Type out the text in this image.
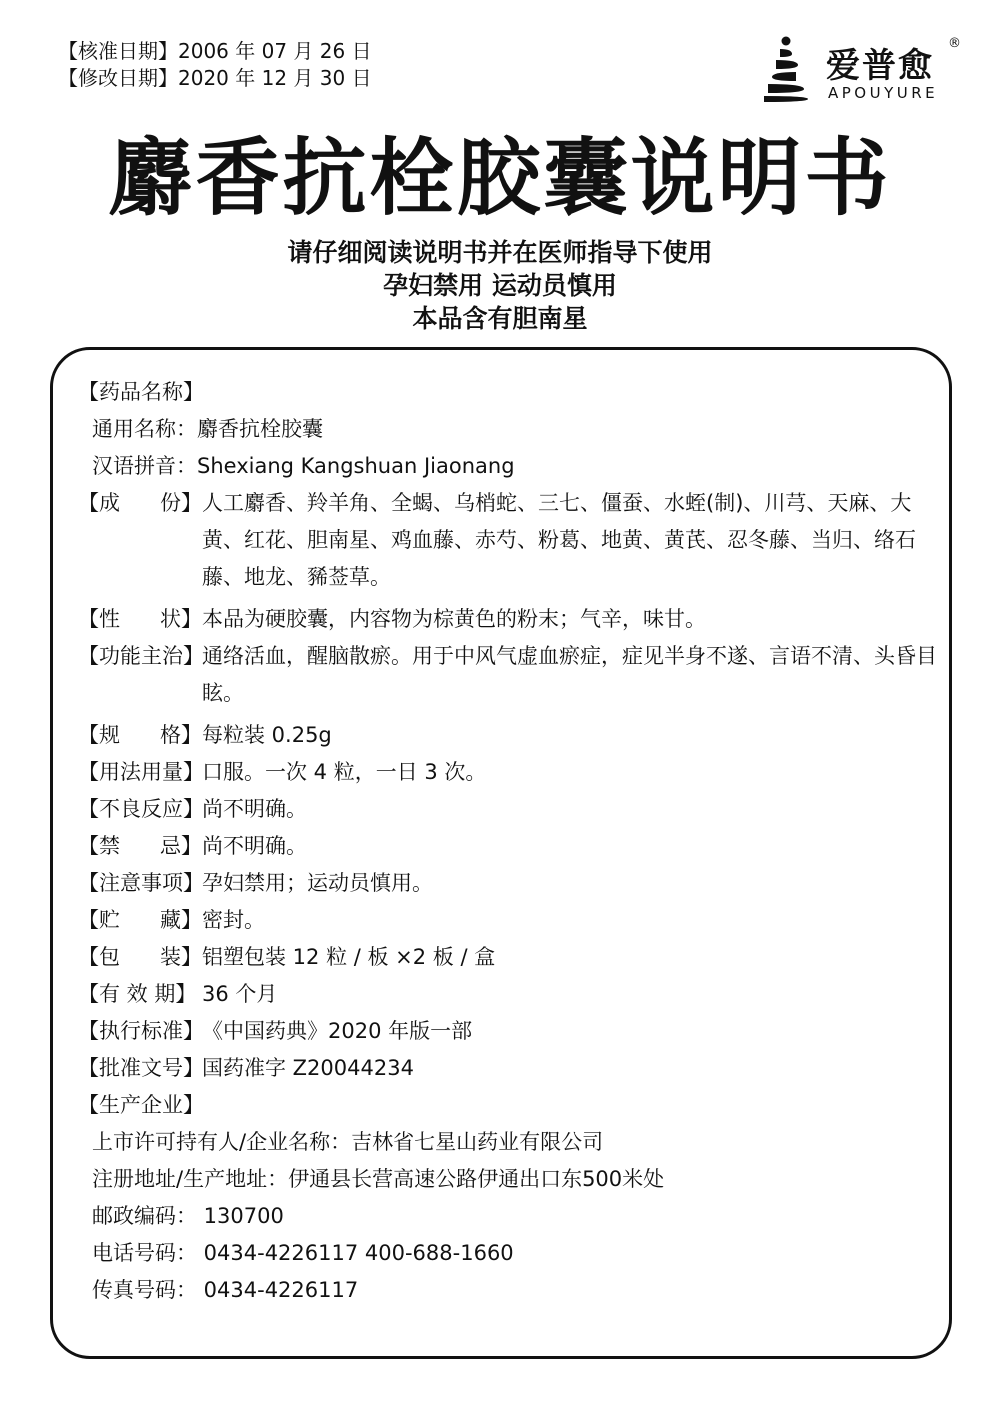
【核准日期】2006 年 07 月 26 日
【修改日期】2020 年 12 月 30 日	爱普愈
®
APOUYURE
麝香抗栓胶囊说明书
请仔细阅读说明书并在医师指导下使用
孕妇禁用 运动员慎用
本品含有胆南星
【药品名称】
通用名称：麝香抗栓胶囊
汉语拼音：Shexiang Kangshuan Jiaonang
【成 份】 人工麝香、羚羊角、全蝎、乌梢蛇、三七、僵蚕、水蛭(制)、川芎、天麻、大黄、红花、胆南星、鸡血藤、赤芍、粉葛、地黄、黄芪、忍冬藤、当归、络石藤、地龙、豨莶草。
【性 状】 本品为硬胶囊，内容物为棕黄色的粉末；气辛，味甘。
【功能主治】
通络活血，醒脑散瘀。用于中风气虚血瘀症，症见半身不遂、言语不清、头昏目眩。
【规 格】 每粒装 0.25g
【用法用量】
口服。一次 4 粒，一日 3 次。
【不良反应】
尚不明确。
【禁 忌】 尚不明确。
【注意事项】
孕妇禁用；运动员慎用。
【贮 藏】 密封。
【包 装】 铝塑包装 12 粒 / 板 ×2 板 / 盒
【有 效 期】 36 个月
【执行标准】
《中国药典》2020 年版一部
【批准文号】
国药准字 Z20044234
【生产企业】
上市许可持有人/企业名称：吉林省七星山药业有限公司
注册地址/生产地址：伊通县长营高速公路伊通出口东500米处
邮政编码： 130700
电话号码： 0434-4226117 400-688-1660
传真号码： 0434-4226117
